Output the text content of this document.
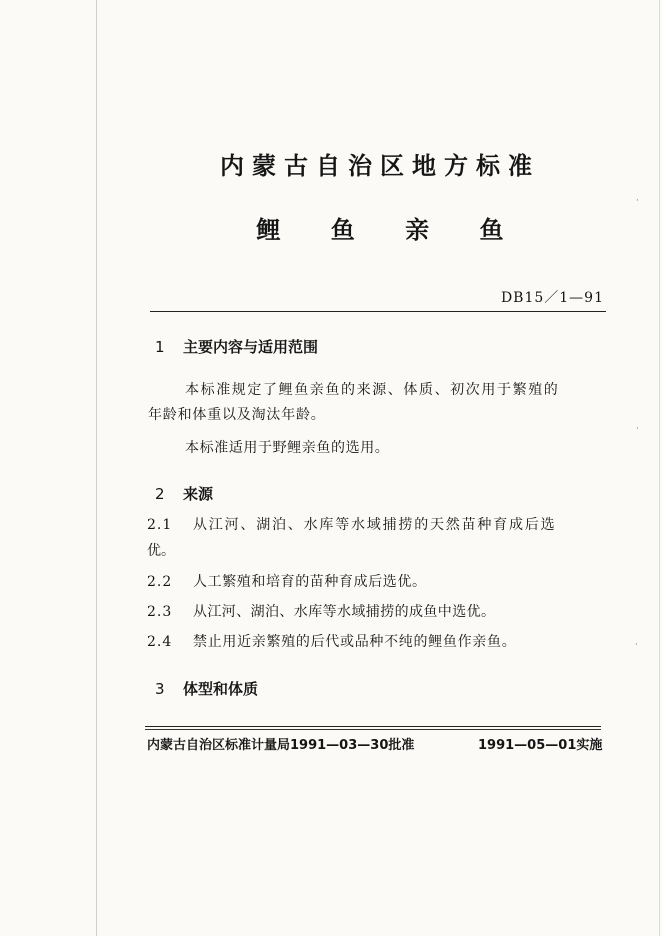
内蒙古自治区地方标准
鲤 鱼 亲 鱼
DB15／1—91
1 主要内容与适用范围
本标准规定了鲤鱼亲鱼的来源、体质、初次用于繁殖的
年龄和体重以及淘汰年龄。
本标准适用于野鲤亲鱼的选用。
2 来源
2.1 从江河、湖泊、水库等水域捕捞的天然苗种育成后选
优。
2.2 人工繁殖和培育的苗种育成后选优。
2.3 从江河、湖泊、水库等水域捕捞的成鱼中选优。
2.4 禁止用近亲繁殖的后代或品种不纯的鲤鱼作亲鱼。
3 体型和体质
内蒙古自治区标准计量局1991—03—30批准	1991—05—01实施
·
·
·
